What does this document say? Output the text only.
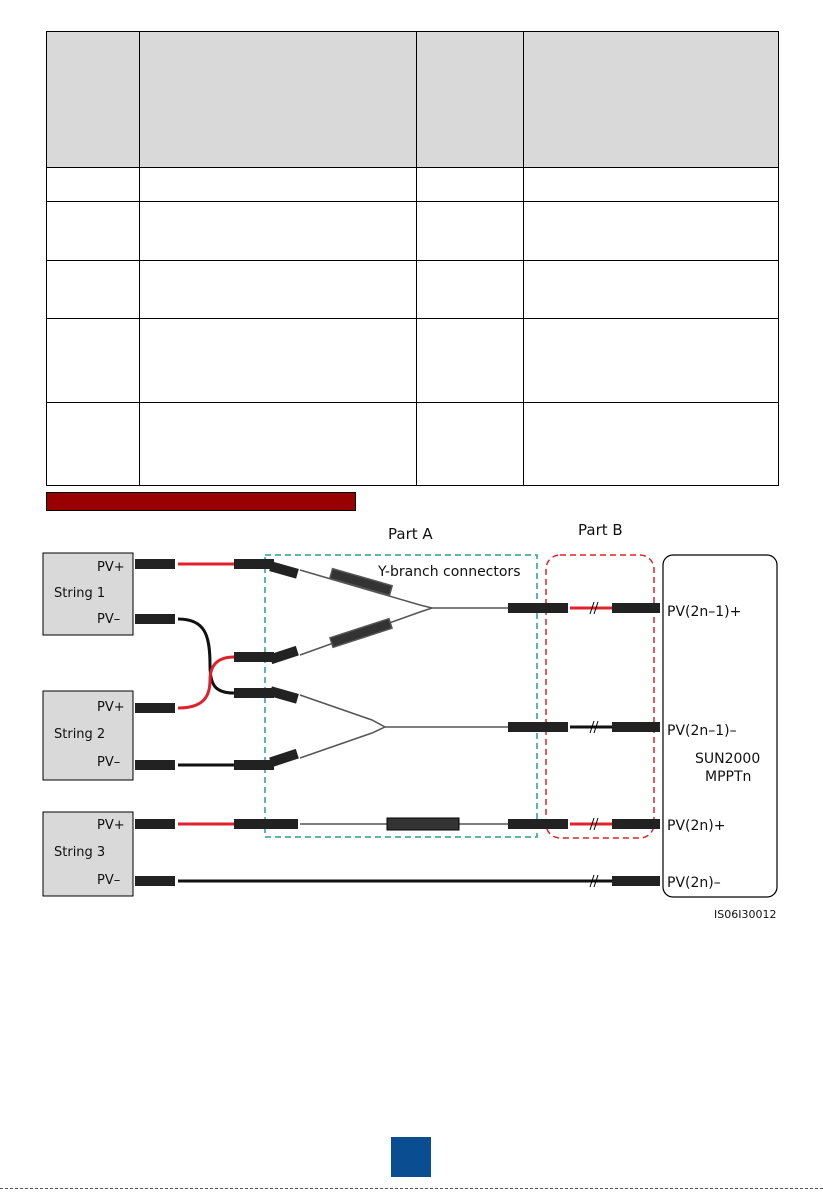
Part A	Part B
Y-branch connectors
PV+
String 1
PV–
PV+
String 2
PV–
PV+
String 3
PV–
PV(2n–1)+
PV(2n–1)–
SUN2000
MPPTn
PV(2n)+
PV(2n)–
IS06I30012
